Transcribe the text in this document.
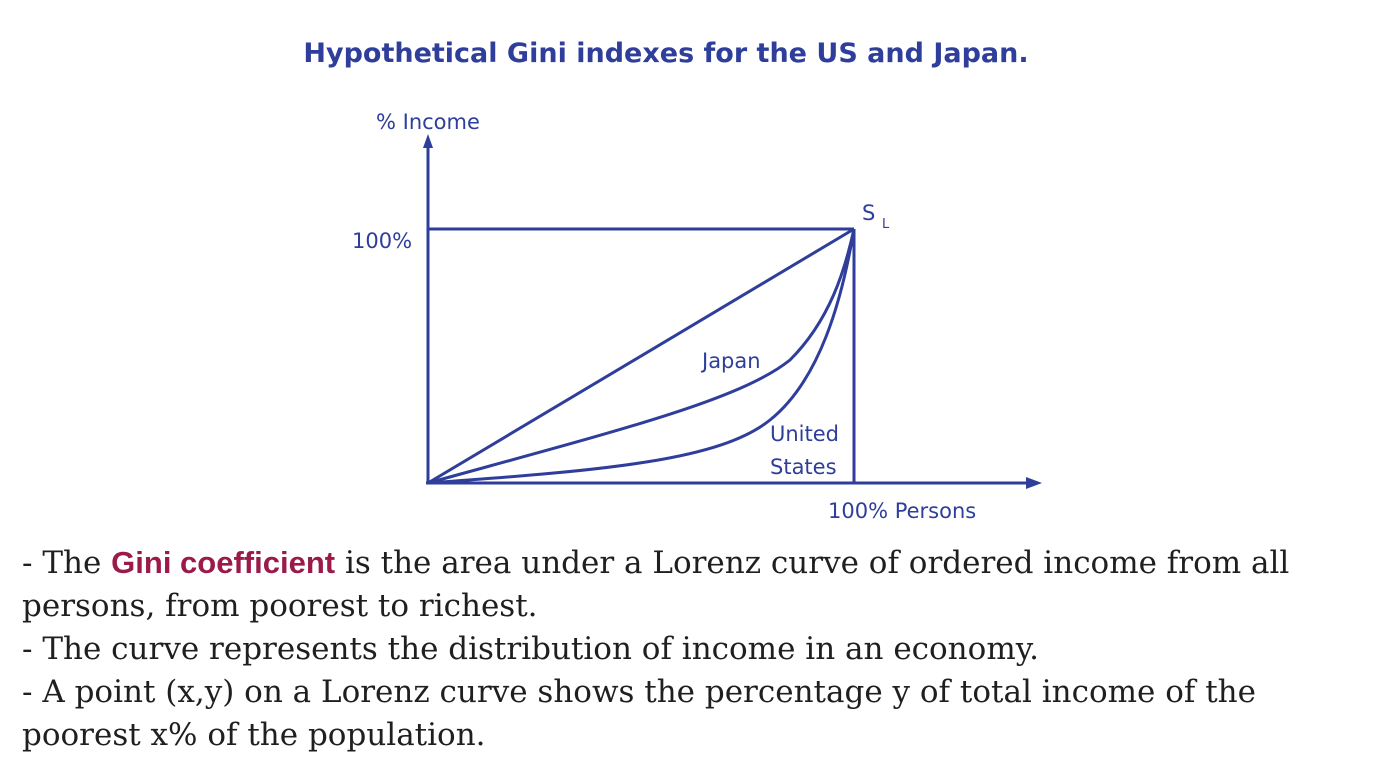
Hypothetical Gini indexes for the US and Japan.
% Income
100%
S $_L$
Japan
United
States
100% Persons

- The Gini coefficient is the area under a Lorenz curve of ordered income from all persons, from poorest to richest.

- The curve represents the distribution of income in an economy.

- A point (x,y) on a Lorenz curve shows the percentage y of total income of the poorest x% of the population.
